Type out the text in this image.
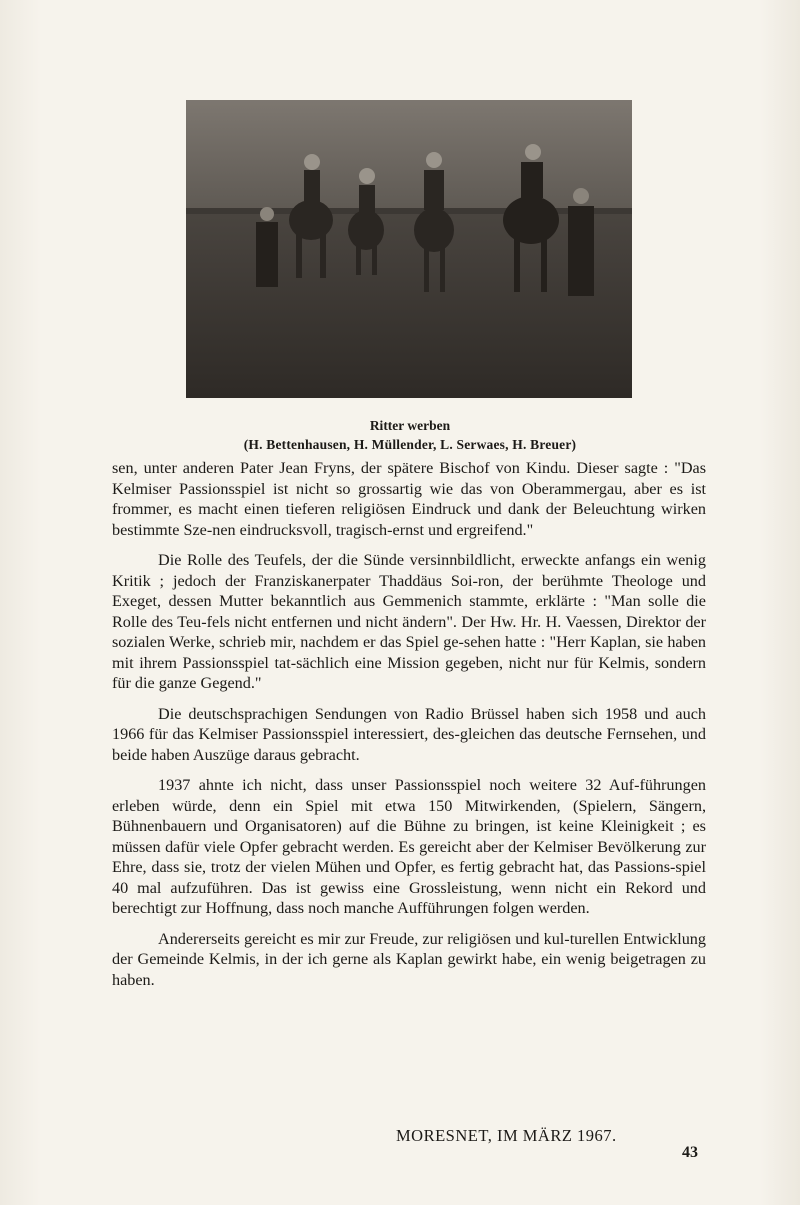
Ritter werben
(H. Bettenhausen, H. Müllender, L. Serwaes, H. Breuer)

sen, unter anderen Pater Jean Fryns, der spätere Bischof von Kindu. Dieser sagte : "Das Kelmiser Passionsspiel ist nicht so grossartig wie das von Oberammergau, aber es ist frommer, es macht einen tieferen religiösen Eindruck und dank der Beleuchtung wirken bestimmte Sze-nen eindrucksvoll, tragisch-ernst und ergreifend."

Die Rolle des Teufels, der die Sünde versinnbildlicht, erweckte anfangs ein wenig Kritik ; jedoch der Franziskanerpater Thaddäus Soi-ron, der berühmte Theologe und Exeget, dessen Mutter bekanntlich aus Gemmenich stammte, erklärte : "Man solle die Rolle des Teu-fels nicht entfernen und nicht ändern". Der Hw. Hr. H. Vaessen, Direktor der sozialen Werke, schrieb mir, nachdem er das Spiel ge-sehen hatte : "Herr Kaplan, sie haben mit ihrem Passionsspiel tat-sächlich eine Mission gegeben, nicht nur für Kelmis, sondern für die ganze Gegend."

Die deutschsprachigen Sendungen von Radio Brüssel haben sich 1958 und auch 1966 für das Kelmiser Passionsspiel interessiert, des-gleichen das deutsche Fernsehen, und beide haben Auszüge daraus gebracht.

1937 ahnte ich nicht, dass unser Passionsspiel noch weitere 32 Auf-führungen erleben würde, denn ein Spiel mit etwa 150 Mitwirkenden, (Spielern, Sängern, Bühnenbauern und Organisatoren) auf die Bühne zu bringen, ist keine Kleinigkeit ; es müssen dafür viele Opfer gebracht werden. Es gereicht aber der Kelmiser Bevölkerung zur Ehre, dass sie, trotz der vielen Mühen und Opfer, es fertig gebracht hat, das Passions-spiel 40 mal aufzuführen. Das ist gewiss eine Grossleistung, wenn nicht ein Rekord und berechtigt zur Hoffnung, dass noch manche Aufführungen folgen werden.

Andererseits gereicht es mir zur Freude, zur religiösen und kul-turellen Entwicklung der Gemeinde Kelmis, in der ich gerne als Kaplan gewirkt habe, ein wenig beigetragen zu haben.

MORESNET, IM MÄRZ 1967.
43
